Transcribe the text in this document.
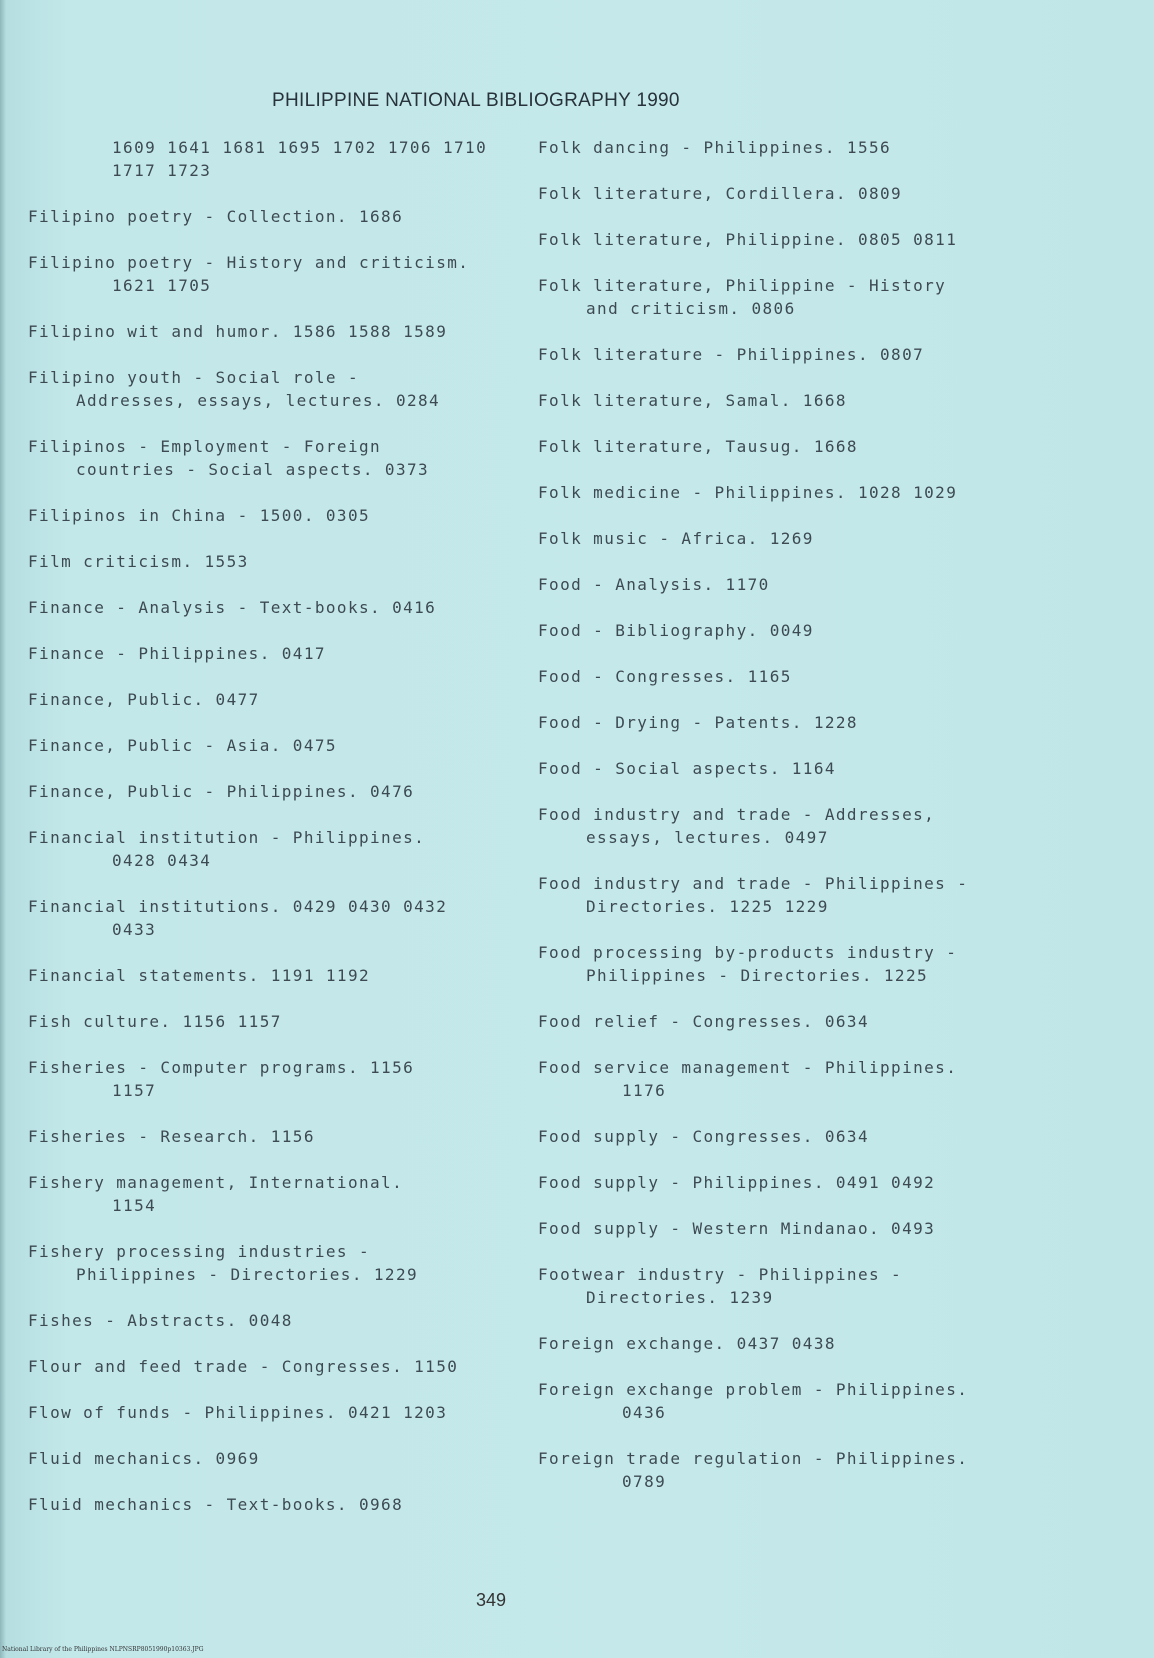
PHILIPPINE NATIONAL BIBLIOGRAPHY 1990
1609 1641 1681 1695 1702 1706 1710
1717 1723
Filipino poetry - Collection. 1686
Filipino poetry - History and criticism.
1621 1705
Filipino wit and humor. 1586 1588 1589
Filipino youth - Social role -
Addresses, essays, lectures. 0284
Filipinos - Employment - Foreign
countries - Social aspects. 0373
Filipinos in China - 1500. 0305
Film criticism. 1553
Finance - Analysis - Text-books. 0416
Finance - Philippines. 0417
Finance, Public. 0477
Finance, Public - Asia. 0475
Finance, Public - Philippines. 0476
Financial institution - Philippines.
0428 0434
Financial institutions. 0429 0430 0432
0433
Financial statements. 1191 1192
Fish culture. 1156 1157
Fisheries - Computer programs. 1156
1157
Fisheries - Research. 1156
Fishery management, International.
1154
Fishery processing industries -
Philippines - Directories. 1229
Fishes - Abstracts. 0048
Flour and feed trade - Congresses. 1150
Flow of funds - Philippines. 0421 1203
Fluid mechanics. 0969
Fluid mechanics - Text-books. 0968
Folk dancing - Philippines. 1556
Folk literature, Cordillera. 0809
Folk literature, Philippine. 0805 0811
Folk literature, Philippine - History
and criticism. 0806
Folk literature - Philippines. 0807
Folk literature, Samal. 1668
Folk literature, Tausug. 1668
Folk medicine - Philippines. 1028 1029
Folk music - Africa. 1269
Food - Analysis. 1170
Food - Bibliography. 0049
Food - Congresses. 1165
Food - Drying - Patents. 1228
Food - Social aspects. 1164
Food industry and trade - Addresses,
essays, lectures. 0497
Food industry and trade - Philippines -
Directories. 1225 1229
Food processing by-products industry -
Philippines - Directories. 1225
Food relief - Congresses. 0634
Food service management - Philippines.
1176
Food supply - Congresses. 0634
Food supply - Philippines. 0491 0492
Food supply - Western Mindanao. 0493
Footwear industry - Philippines -
Directories. 1239
Foreign exchange. 0437 0438
Foreign exchange problem - Philippines.
0436
Foreign trade regulation - Philippines.
0789
349
National Library of the Philippines NLPNSRP8051990p10363.JPG
